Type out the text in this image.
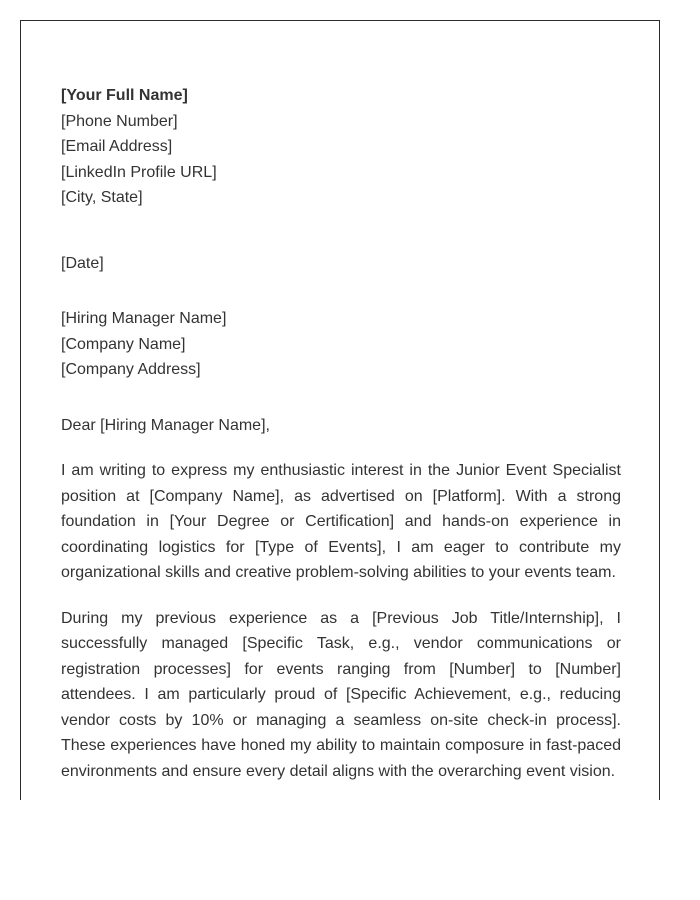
[Your Full Name]
[Phone Number]
[Email Address]
[LinkedIn Profile URL]
[City, State]
[Date]
[Hiring Manager Name]
[Company Name]
[Company Address]
Dear [Hiring Manager Name],

I am writing to express my enthusiastic interest in the Junior Event Specialist position at [Company Name], as advertised on [Platform]. With a strong foundation in [Your Degree or Certification] and hands-on experience in coordinating logistics for [Type of Events], I am eager to contribute my organizational skills and creative problem-solving abilities to your events team.

During my previous experience as a [Previous Job Title/Internship], I successfully managed [Specific Task, e.g., vendor communications or registration processes] for events ranging from [Number] to [Number] attendees. I am particularly proud of [Specific Achievement, e.g., reducing vendor costs by 10% or managing a seamless on-site check-in process]. These experiences have honed my ability to maintain composure in fast-paced environments and ensure every detail aligns with the overarching event vision.
